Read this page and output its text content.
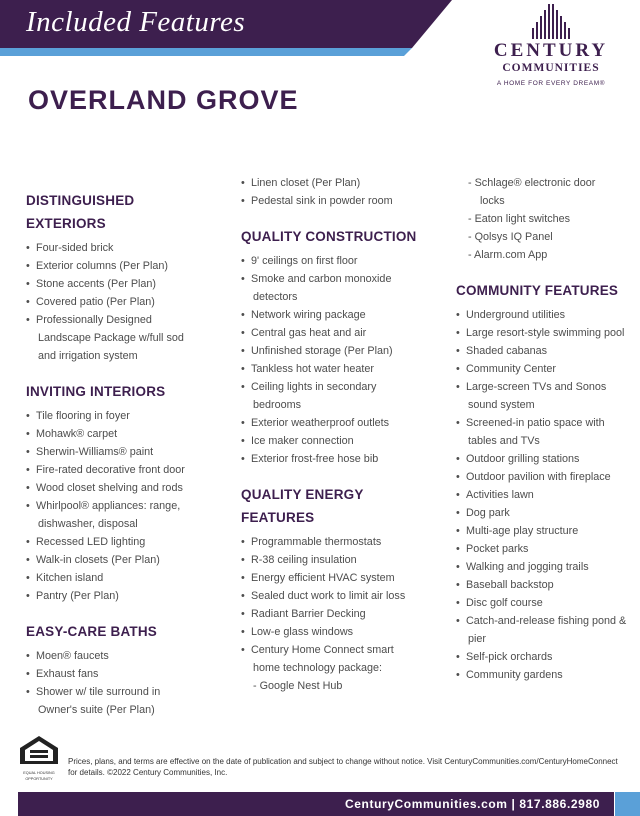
Included Features
CENTURY
COMMUNITIES
A HOME FOR EVERY DREAM®
OVERLAND GROVE
DISTINGUISHED
EXTERIORS
• Four-sided brick
• Exterior columns (Per Plan)
• Stone accents (Per Plan)
• Covered patio (Per Plan)
• Professionally Designed
Landscape Package w/full sod
and irrigation system
INVITING INTERIORS
• Tile flooring in foyer
• Mohawk® carpet
• Sherwin-Williams® paint
• Fire-rated decorative front door
• Wood closet shelving and rods
• Whirlpool® appliances: range,
dishwasher, disposal
• Recessed LED lighting
• Walk-in closets (Per Plan)
• Kitchen island
• Pantry (Per Plan)
EASY-CARE BATHS
• Moen® faucets
• Exhaust fans
• Shower w/ tile surround in
Owner's suite (Per Plan)
• Linen closet (Per Plan)
• Pedestal sink in powder room
QUALITY CONSTRUCTION
• 9' ceilings on first floor
• Smoke and carbon monoxide
detectors
• Network wiring package
• Central gas heat and air
• Unfinished storage (Per Plan)
• Tankless hot water heater
• Ceiling lights in secondary
bedrooms
• Exterior weatherproof outlets
• Ice maker connection
• Exterior frost-free hose bib
QUALITY ENERGY
FEATURES
• Programmable thermostats
• R-38 ceiling insulation
• Energy efficient HVAC system
• Sealed duct work to limit air loss
• Radiant Barrier Decking
• Low-e glass windows
• Century Home Connect smart
home technology package:
- Google Nest Hub
- Schlage® electronic door
locks
- Eaton light switches
- Qolsys IQ Panel
- Alarm.com App
COMMUNITY FEATURES
• Underground utilities
• Large resort-style swimming pool
• Shaded cabanas
• Community Center
• Large-screen TVs and Sonos
sound system
• Screened-in patio space with
tables and TVs
• Outdoor grilling stations
• Outdoor pavilion with fireplace
• Activities lawn
• Dog park
• Multi-age play structure
• Pocket parks
• Walking and jogging trails
• Baseball backstop
• Disc golf course
• Catch-and-release fishing pond &
pier
• Self-pick orchards
• Community gardens
EQUAL HOUSING
OPPORTUNITY
Prices, plans, and terms are effective on the date of publication and subject to change without notice. Visit CenturyCommunities.com/CenturyHomeConnect for details. ©2022 Century Communities, Inc.
CenturyCommunities.com | 817.886.2980
